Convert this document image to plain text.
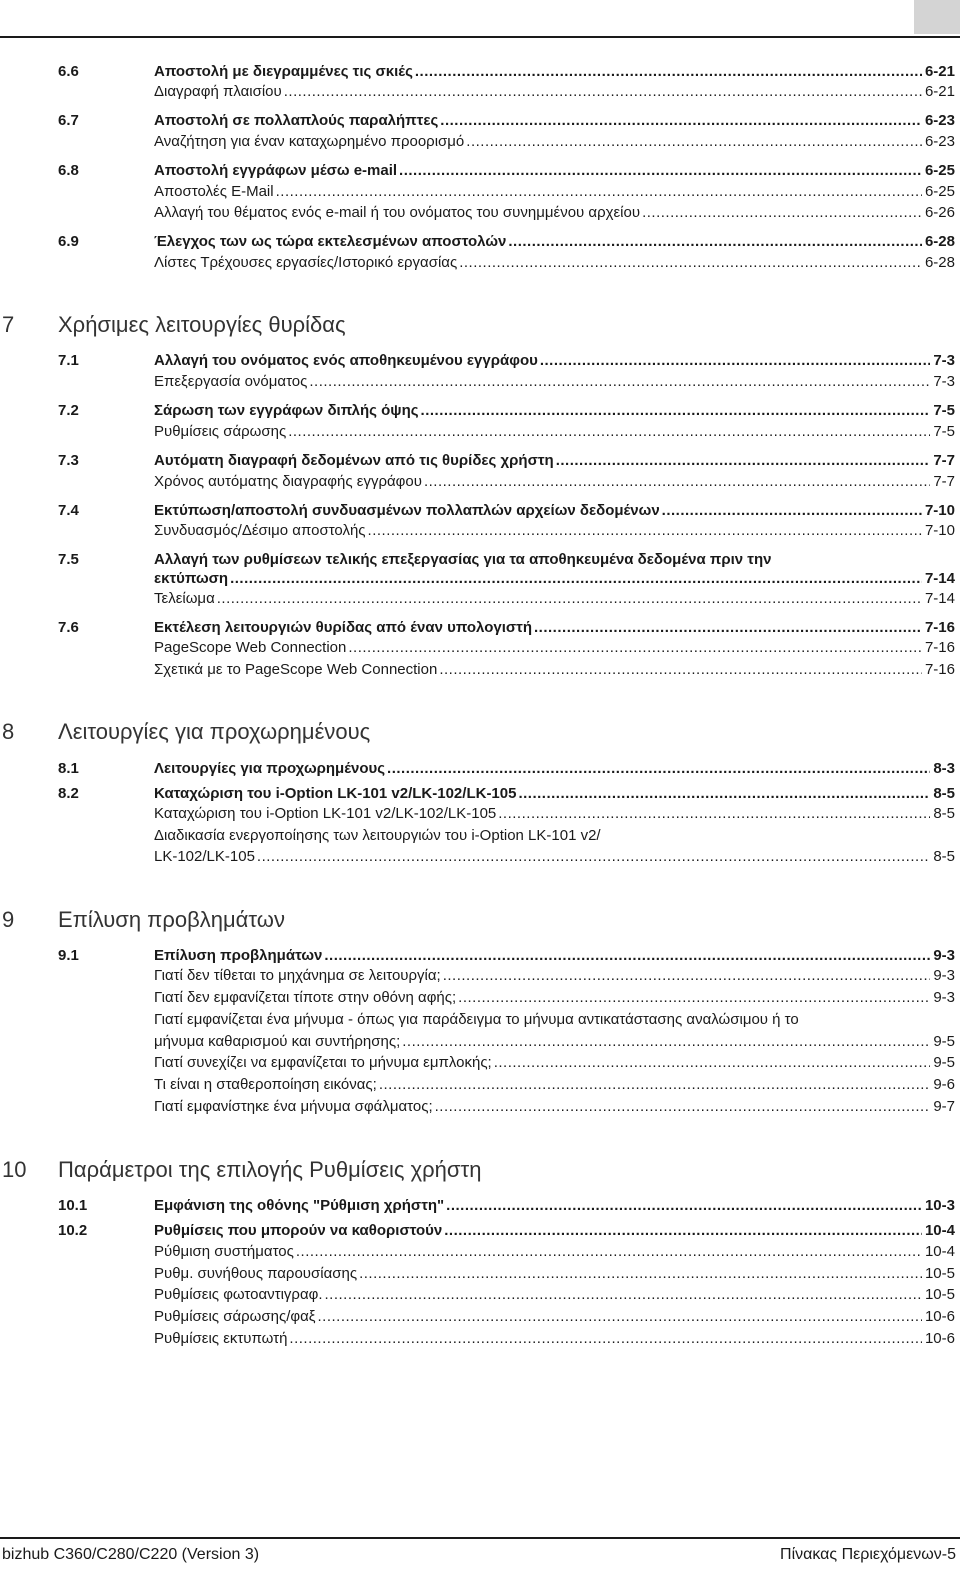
6.6	Αποστολή με διεγραμμένες τις σκιές .....	6-21
Διαγραφή πλαισίου .....	6-21
6.7	Αποστολή σε πολλαπλούς παραλήπτες .....	6-23
Αναζήτηση για έναν καταχωρημένο προορισμό .....	6-23
6.8	Αποστολή εγγράφων μέσω e-mail .....	6-25
Αποστολές E-Mail .....	6-25
Αλλαγή του θέματος ενός e-mail ή του ονόματος του συνημμένου αρχείου .....	6-26
6.9	Έλεγχος των ως τώρα εκτελεσμένων αποστολών .....	6-28
Λίστες Τρέχουσες εργασίες/Ιστορικό εργασίας .....	6-28
7 Χρήσιμες λειτουργίες θυρίδας
7.1	Αλλαγή του ονόματος ενός αποθηκευμένου εγγράφου .....	7-3
Επεξεργασία ονόματος .....	7-3
7.2	Σάρωση των εγγράφων διπλής όψης .....	7-5
Ρυθμίσεις σάρωσης .....	7-5
7.3	Αυτόματη διαγραφή δεδομένων από τις θυρίδες χρήστη .....	7-7
Χρόνος αυτόματης διαγραφής εγγράφου .....	7-7
7.4	Εκτύπωση/αποστολή συνδυασμένων πολλαπλών αρχείων δεδομένων .....	7-10
Συνδυασμός/Δέσιμο αποστολής .....	7-10
7.5	Αλλαγή των ρυθμίσεων τελικής επεξεργασίας για τα αποθηκευμένα δεδομένα πριν την
εκτύπωση .....	7-14
Τελείωμα .....	7-14
7.6	Εκτέλεση λειτουργιών θυρίδας από έναν υπολογιστή .....	7-16
PageScope Web Connection .....	7-16
Σχετικά με το PageScope Web Connection .....	7-16
8 Λειτουργίες για προχωρημένους
8.1	Λειτουργίες για προχωρημένους .....	8-3
8.2	Καταχώριση του i-Option LK-101 v2/LK-102/LK-105 .....	8-5
Καταχώριση του i-Option LK-101 v2/LK-102/LK-105 .....	8-5
Διαδικασία ενεργοποίησης των λειτουργιών του i-Option LK-101 v2/
LK-102/LK-105 .....	8-5
9 Επίλυση προβλημάτων
9.1	Επίλυση προβλημάτων .....	9-3
Γιατί δεν τίθεται το μηχάνημα σε λειτουργία; .....	9-3
Γιατί δεν εμφανίζεται τίποτε στην οθόνη αφής; .....	9-3
Γιατί εμφανίζεται ένα μήνυμα - όπως για παράδειγμα το μήνυμα αντικατάστασης αναλώσιμου ή το
μήνυμα καθαρισμού και συντήρησης; .....	9-5
Γιατί συνεχίζει να εμφανίζεται το μήνυμα εμπλοκής; .....	9-5
Τι είναι η σταθεροποίηση εικόνας; .....	9-6
Γιατί εμφανίστηκε ένα μήνυμα σφάλματος; .....	9-7
10 Παράμετροι της επιλογής Ρυθμίσεις χρήστη
10.1	Εμφάνιση της οθόνης "Ρύθμιση χρήστη" .....	10-3
10.2	Ρυθμίσεις που μπορούν να καθοριστούν .....	10-4
Ρύθμιση συστήματος .....	10-4
Ρυθμ. συνήθους παρουσίασης .....	10-5
Ρυθμίσεις φωτοαντιγραφ. .....	10-5
Ρυθμίσεις σάρωσης/φαξ .....	10-6
Ρυθμίσεις εκτυπωτή .....	10-6
bizhub C360/C280/C220 (Version 3)	Πίνακας Περιεχόμενων-5
